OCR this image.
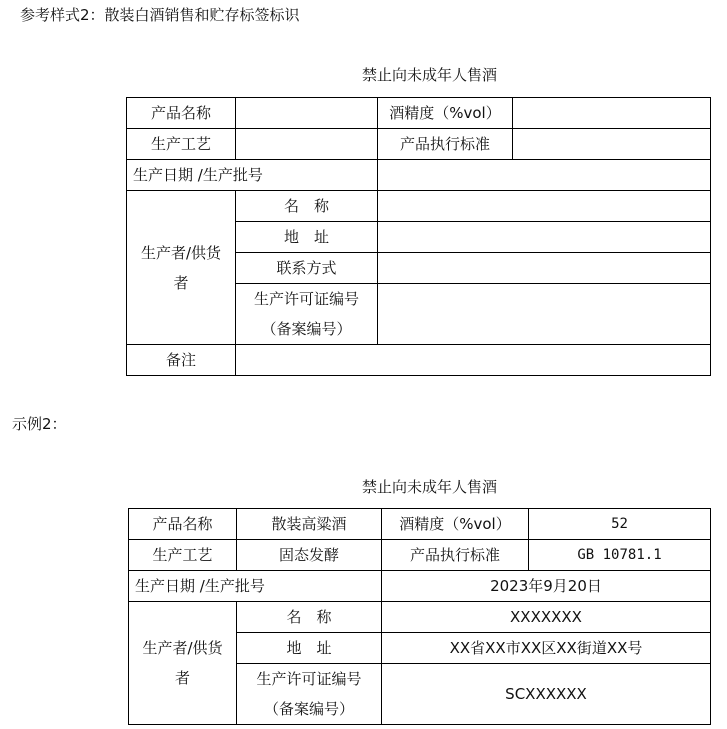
参考样式2：散装白酒销售和贮存标签标识
禁止向未成年人售酒
产品名称		酒精度（%vol）	
生产工艺		产品执行标准	
生产日期 /生产批号			

生产者/供货
者	名　称		
	地　址		
	联系方式		

	生产许可证编号
（备案编号）		

备注			
示例2：
禁止向未成年人售酒
产品名称	散装高粱酒	酒精度（%vol）	52
生产工艺	固态发酵	产品执行标准	GB 10781.1
生产日期 /生产批号		2023年9月20日	

生产者/供货
者	名　称	XXXXXXX	
	地　址	XX省XX市XX区XX街道XX号	

	生产许可证编号
（备案编号）	SCXXXXXX	
